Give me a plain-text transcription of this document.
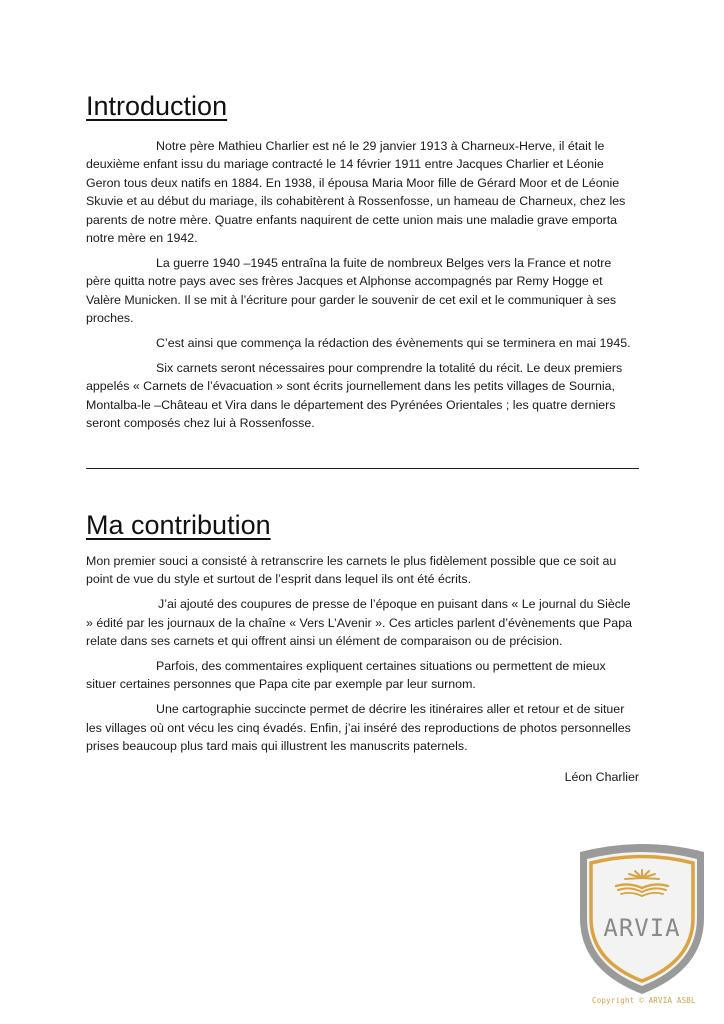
Introduction

Notre père Mathieu Charlier est né le 29 janvier 1913 à Charneux-Herve, il était le deuxième enfant issu du mariage contracté le 14 février 1911 entre Jacques Charlier et Léonie Geron tous deux natifs en 1884. En 1938, il épousa Maria Moor fille de Gérard Moor et de Léonie Skuvie et au début du mariage, ils cohabitèrent à Rossenfosse, un hameau de Charneux, chez les parents de notre mère. Quatre enfants naquirent de cette union mais une maladie grave emporta notre mère en 1942.

La guerre 1940 –1945 entraîna la fuite de nombreux Belges vers la France et notre père quitta notre pays avec ses frères Jacques et Alphonse accompagnés par Remy Hogge et Valère Municken. Il se mit à l’écriture pour garder le souvenir de cet exil et le communiquer à ses proches.

C’est ainsi que commença la rédaction des évènements qui se terminera en mai 1945.

Six carnets seront nécessaires pour comprendre la totalité du récit. Le deux premiers appelés « Carnets de l’évacuation » sont écrits journellement dans les petits villages de Sournia, Montalba-le –Château et Vira dans le département des Pyrénées Orientales ; les quatre derniers seront composés chez lui à Rossenfosse.

Ma contribution

Mon premier souci a consisté à retranscrire les carnets le plus fidèlement possible que ce soit au point de vue du style et surtout de l’esprit dans lequel ils ont été écrits.

J’ai ajouté des coupures de presse de l’époque en puisant dans « Le journal du Siècle » édité par les journaux de la chaîne « Vers L’Avenir ». Ces articles parlent d’évènements que Papa relate dans ses carnets et qui offrent ainsi un élément de comparaison ou de précision.

Parfois, des commentaires expliquent certaines situations ou permettent de mieux situer certaines personnes que Papa cite par exemple par leur surnom.

Une cartographie succincte permet de décrire les itinéraires aller et retour et de situer les villages où ont vécu les cinq évadés. Enfin, j’ai inséré des reproductions de photos personnelles prises beaucoup plus tard mais qui illustrent les manuscrits paternels.

Léon Charlier
ARVIA
Copyright © ARVIA ASBL
